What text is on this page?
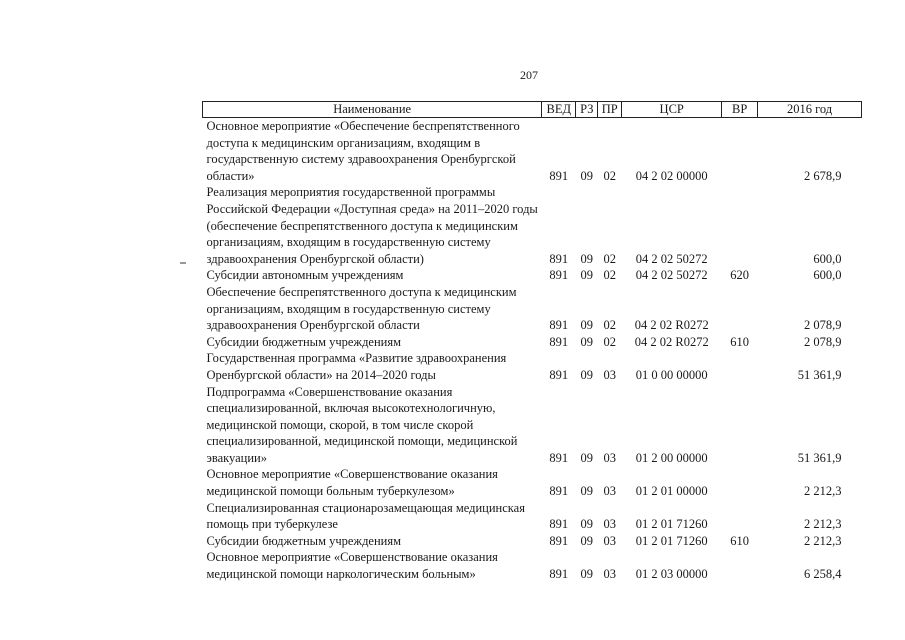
207
Наименование	ВЕД	РЗ	ПР	ЦСР	ВР	2016 год
Основное мероприятие «Обеспечение беспрепятственного доступа к медицинским организациям, входящим в государственную систему здравоохранения Оренбургской области»	891	09	02	04 2 02 00000		2 678,9
Реализация мероприятия государственной программы Российской Федерации «Доступная среда» на 2011–2020 годы (обеспечение беспрепятственного доступа к медицинским организациям, входящим в государственную систему здравоохранения Оренбургской области)	891	09	02	04 2 02 50272		600,0
Субсидии автономным учреждениям	891	09	02	04 2 02 50272	620	600,0
Обеспечение беспрепятственного доступа к медицинским организациям, входящим в государственную систему здравоохранения Оренбургской области	891	09	02	04 2 02 R0272		2 078,9
Субсидии бюджетным учреждениям	891	09	02	04 2 02 R0272	610	2 078,9
Государственная программа «Развитие здравоохранения Оренбургской области» на 2014–2020 годы	891	09	03	01 0 00 00000		51 361,9
Подпрограмма «Совершенствование оказания специализированной, включая высокотехнологичную, медицинской помощи, скорой, в том числе скорой специализированной, медицинской помощи, медицинской эвакуации»	891	09	03	01 2 00 00000		51 361,9
Основное мероприятие «Совершенствование оказания медицинской помощи больным туберкулезом»	891	09	03	01 2 01 00000		2 212,3
Специализированная стационарозамещающая медицинская помощь при туберкулезе	891	09	03	01 2 01 71260		2 212,3
Субсидии бюджетным учреждениям	891	09	03	01 2 01 71260	610	2 212,3
Основное мероприятие «Совершенствование оказания медицинской помощи наркологическим больным»	891	09	03	01 2 03 00000		6 258,4
